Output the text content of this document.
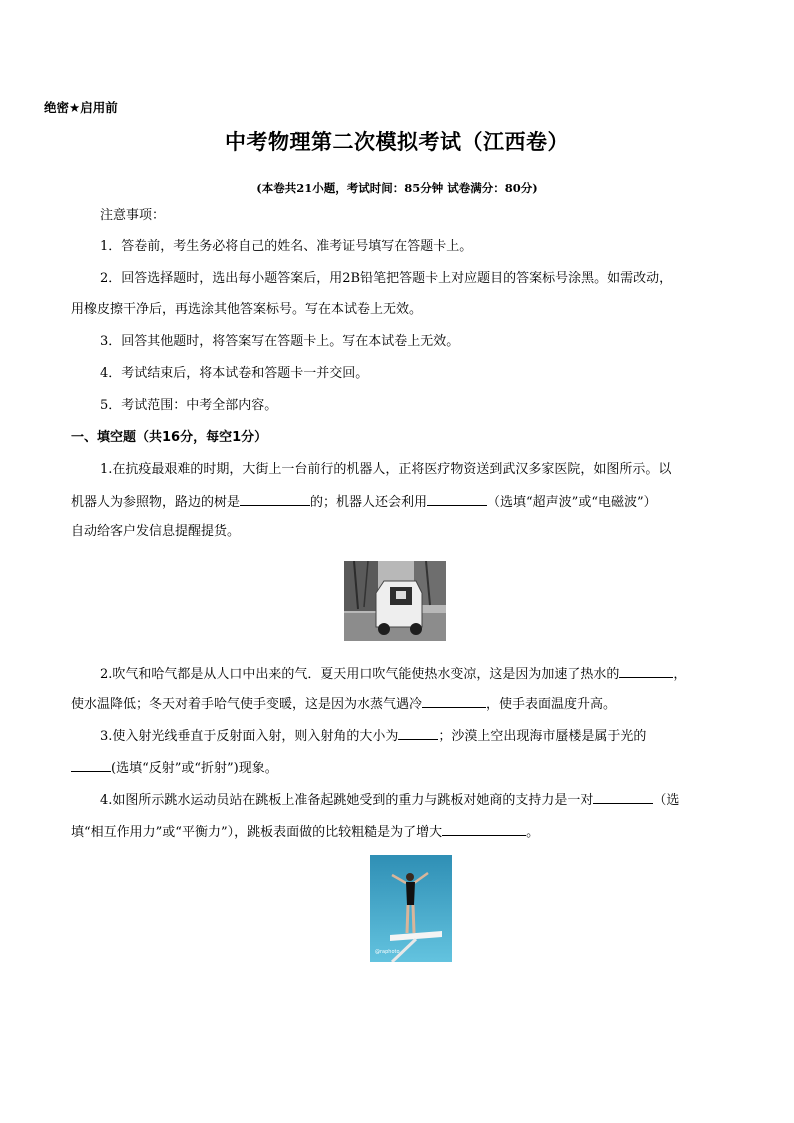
绝密★启用前
中考物理第二次模拟考试（江西卷）
(本卷共21小题，考试时间：85分钟 试卷满分：80分)
注意事项：
1．答卷前，考生务必将自己的姓名、准考证号填写在答题卡上。
2．回答选择题时，选出每小题答案后，用2B铅笔把答题卡上对应题目的答案标号涂黑。如需改动，
用橡皮擦干净后，再选涂其他答案标号。写在本试卷上无效。
3．回答其他题时，将答案写在答题卡上。写在本试卷上无效。
4．考试结束后，将本试卷和答题卡一并交回。
5．考试范围：中考全部内容。
一、填空题（共16分，每空1分）
1.在抗疫最艰难的时期，大街上一台前行的机器人，正将医疗物资送到武汉多家医院，如图所示。以
机器人为参照物，路边的树是	的；机器人还会利用	（选填“超声波”或“电磁波”）
自动给客户发信息提醒提货。
2.吹气和哈气都是从人口中出来的气．夏天用口吹气能使热水变凉，这是因为加速了热水的	，
使水温降低；冬天对着手哈气使手变暖，这是因为水蒸气遇冷	，使手表面温度升高。
3.使入射光线垂直于反射面入射，则入射角的大小为	；沙漠上空出现海市蜃楼是属于光的
(选填“反射”或“折射”)现象。
4.如图所示跳水运动员站在跳板上准备起跳她受到的重力与跳板对她商的支持力是一对	（选
填“相互作用力”或“平衡力”），跳板表面做的比较粗糙是为了增大	。
@raphoto
